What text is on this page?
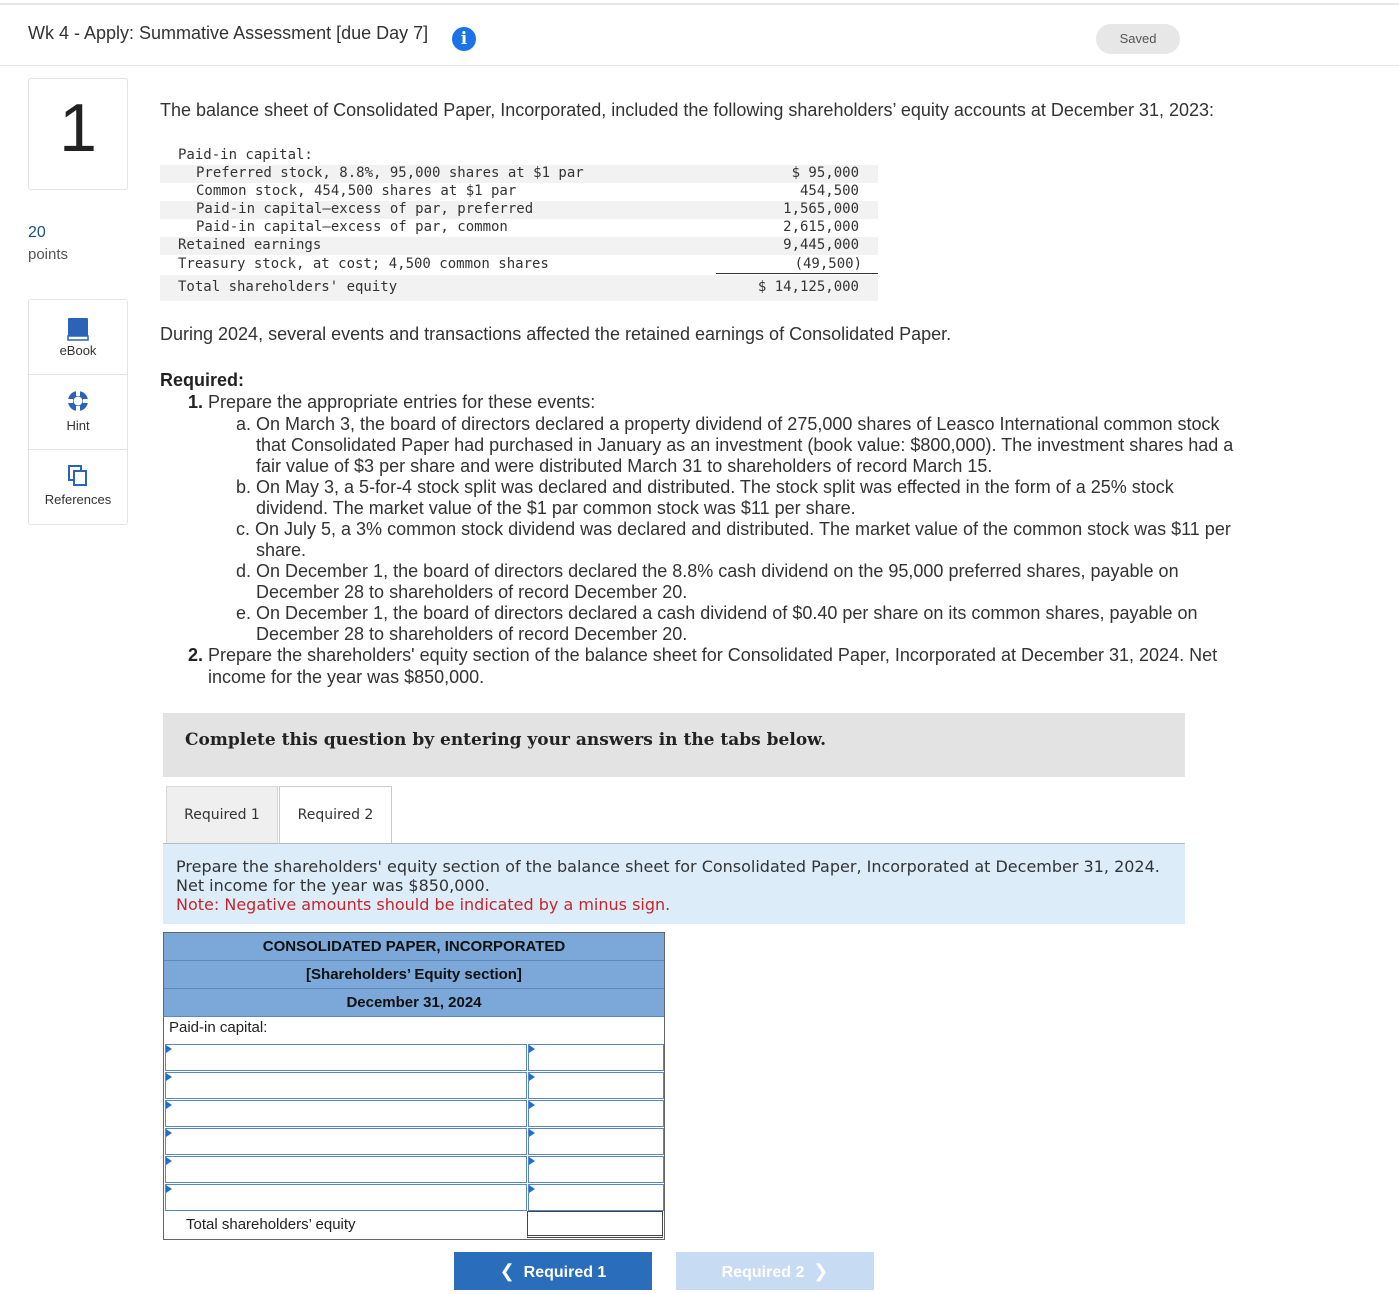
Wk 4 - Apply: Summative Assessment [due Day 7]	i	Saved
1
20
points
eBook
Hint
References
The balance sheet of Consolidated Paper, Incorporated, included the following shareholders’ equity accounts at December 31, 2023:
Paid-in capital:
Preferred stock, 8.8%, 95,000 shares at $1 par	$ 95,000
Common stock, 454,500 shares at $1 par	454,500
Paid-in capital—excess of par, preferred	1,565,000
Paid-in capital—excess of par, common	2,615,000
Retained earnings	9,445,000
Treasury stock, at cost; 4,500 common shares	(49,500)
Total shareholders' equity	$ 14,125,000
During 2024, several events and transactions affected the retained earnings of Consolidated Paper.
Required:
1. Prepare the appropriate entries for these events:
a. On March 3, the board of directors declared a property dividend of 275,000 shares of Leasco International common stock
that Consolidated Paper had purchased in January as an investment (book value: $800,000). The investment shares had a
fair value of $3 per share and were distributed March 31 to shareholders of record March 15.
b. On May 3, a 5-for-4 stock split was declared and distributed. The stock split was effected in the form of a 25% stock
dividend. The market value of the $1 par common stock was $11 per share.
c. On July 5, a 3% common stock dividend was declared and distributed. The market value of the common stock was $11 per
share.
d. On December 1, the board of directors declared the 8.8% cash dividend on the 95,000 preferred shares, payable on
December 28 to shareholders of record December 20.
e. On December 1, the board of directors declared a cash dividend of $0.40 per share on its common shares, payable on
December 28 to shareholders of record December 20.
2. Prepare the shareholders' equity section of the balance sheet for Consolidated Paper, Incorporated at December 31, 2024. Net
income for the year was $850,000.
Complete this question by entering your answers in the tabs below.
Required 1	Required 2
Prepare the shareholders' equity section of the balance sheet for Consolidated Paper, Incorporated at December 31, 2024. Net income for the year was $850,000.
Note: Negative amounts should be indicated by a minus sign.
CONSOLIDATED PAPER, INCORPORATED
[Shareholders’ Equity section]
December 31, 2024
Paid-in capital:
Total shareholders’ equity
❮ Required 1	Required 2 ❯
